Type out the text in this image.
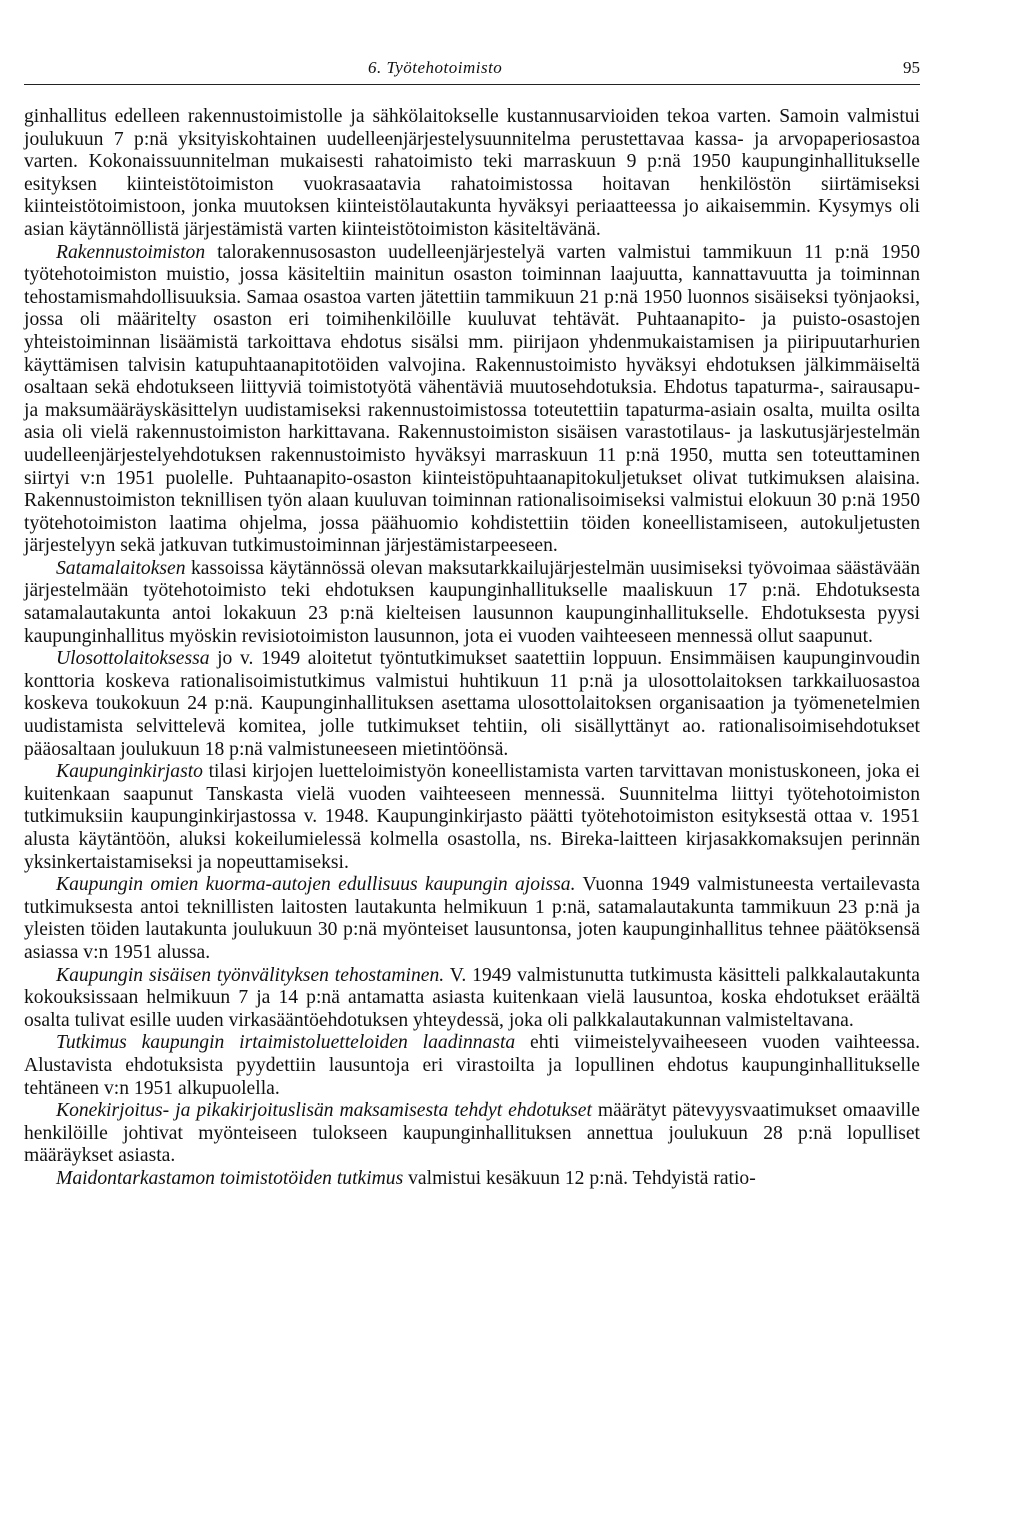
6. Työtehotoimisto	95

ginhallitus edelleen rakennustoimistolle ja sähkölaitokselle kustannusarvioiden tekoa varten. Samoin valmistui joulukuun 7 p:nä yksityiskohtainen uudelleenjärjestelysuunnitelma perustettavaa kassa- ja arvopaperiosastoa varten. Kokonaissuunnitelman mukaisesti rahatoimisto teki marraskuun 9 p:nä 1950 kaupunginhallitukselle esityksen kiinteistötoimiston vuokrasaatavia rahatoimistossa hoitavan henkilöstön siirtämiseksi kiinteistötoimistoon, jonka muutoksen kiinteistölautakunta hyväksyi periaatteessa jo aikaisemmin. Kysymys oli asian käytännöllistä järjestämistä varten kiinteistötoimiston käsiteltävänä.

Rakennustoimiston talorakennusosaston uudelleenjärjestelyä varten valmistui tammikuun 11 p:nä 1950 työtehotoimiston muistio, jossa käsiteltiin mainitun osaston toiminnan laajuutta, kannattavuutta ja toiminnan tehostamismahdollisuuksia. Samaa osastoa varten jätettiin tammikuun 21 p:nä 1950 luonnos sisäiseksi työnjaoksi, jossa oli määritelty osaston eri toimihenkilöille kuuluvat tehtävät. Puhtaanapito- ja puisto-osastojen yhteistoiminnan lisäämistä tarkoittava ehdotus sisälsi mm. piirijaon yhdenmukaistamisen ja piiripuutarhurien käyttämisen talvisin katupuhtaanapitotöiden valvojina. Rakennustoimisto hyväksyi ehdotuksen jälkimmäiseltä osaltaan sekä ehdotukseen liittyviä toimistotyötä vähentäviä muutosehdotuksia. Ehdotus tapaturma-, sairausapu- ja maksumääräyskäsittelyn uudistamiseksi rakennustoimistossa toteutettiin tapaturma-asiain osalta, muilta osilta asia oli vielä rakennustoimiston harkittavana. Rakennustoimiston sisäisen varastotilaus- ja laskutusjärjestelmän uudelleenjärjestelyehdotuksen rakennustoimisto hyväksyi marraskuun 11 p:nä 1950, mutta sen toteuttaminen siirtyi v:n 1951 puolelle. Puhtaanapito-osaston kiinteistöpuhtaanapitokuljetukset olivat tutkimuksen alaisina. Rakennustoimiston teknillisen työn alaan kuuluvan toiminnan rationalisoimiseksi valmistui elokuun 30 p:nä 1950 työtehotoimiston laatima ohjelma, jossa päähuomio kohdistettiin töiden koneellistamiseen, autokuljetusten järjestelyyn sekä jatkuvan tutkimustoiminnan järjestämistarpeeseen.

Satamalaitoksen kassoissa käytännössä olevan maksutarkkailujärjestelmän uusimiseksi työvoimaa säästävään järjestelmään työtehotoimisto teki ehdotuksen kaupunginhallitukselle maaliskuun 17 p:nä. Ehdotuksesta satamalautakunta antoi lokakuun 23 p:nä kielteisen lausunnon kaupunginhallitukselle. Ehdotuksesta pyysi kaupunginhallitus myöskin revisiotoimiston lausunnon, jota ei vuoden vaihteeseen mennessä ollut saapunut.

Ulosottolaitoksessa jo v. 1949 aloitetut työntutkimukset saatettiin loppuun. Ensimmäisen kaupunginvoudin konttoria koskeva rationalisoimistutkimus valmistui huhtikuun 11 p:nä ja ulosottolaitoksen tarkkailuosastoa koskeva toukokuun 24 p:nä. Kaupunginhallituksen asettama ulosottolaitoksen organisaation ja työmenetelmien uudistamista selvittelevä komitea, jolle tutkimukset tehtiin, oli sisällyttänyt ao. rationalisoimisehdotukset pääosaltaan joulukuun 18 p:nä valmistuneeseen mietintöönsä.

Kaupunginkirjasto tilasi kirjojen luetteloimistyön koneellistamista varten tarvittavan monistuskoneen, joka ei kuitenkaan saapunut Tanskasta vielä vuoden vaihteeseen mennessä. Suunnitelma liittyi työtehotoimiston tutkimuksiin kaupunginkirjastossa v. 1948. Kaupunginkirjasto päätti työtehotoimiston esityksestä ottaa v. 1951 alusta käytäntöön, aluksi kokeilumielessä kolmella osastolla, ns. Bireka-laitteen kirjasakkomaksujen perinnän yksinkertaistamiseksi ja nopeuttamiseksi.

Kaupungin omien kuorma-autojen edullisuus kaupungin ajoissa. Vuonna 1949 valmistuneesta vertailevasta tutkimuksesta antoi teknillisten laitosten lautakunta helmikuun 1 p:nä, satamalautakunta tammikuun 23 p:nä ja yleisten töiden lautakunta joulukuun 30 p:nä myönteiset lausuntonsa, joten kaupunginhallitus tehnee päätöksensä asiassa v:n 1951 alussa.

Kaupungin sisäisen työnvälityksen tehostaminen. V. 1949 valmistunutta tutkimusta käsitteli palkkalautakunta kokouksissaan helmikuun 7 ja 14 p:nä antamatta asiasta kuitenkaan vielä lausuntoa, koska ehdotukset eräältä osalta tulivat esille uuden virkasääntöehdotuksen yhteydessä, joka oli palkkalautakunnan valmisteltavana.

Tutkimus kaupungin irtaimistoluetteloiden laadinnasta ehti viimeistelyvaiheeseen vuoden vaihteessa. Alustavista ehdotuksista pyydettiin lausuntoja eri virastoilta ja lopullinen ehdotus kaupunginhallitukselle tehtäneen v:n 1951 alkupuolella.

Konekirjoitus- ja pikakirjoituslisän maksamisesta tehdyt ehdotukset määrätyt pätevyysvaatimukset omaaville henkilöille johtivat myönteiseen tulokseen kaupunginhallituksen annettua joulukuun 28 p:nä lopulliset määräykset asiasta.

Maidontarkastamon toimistotöiden tutkimus valmistui kesäkuun 12 p:nä. Tehdyistä ratio-
